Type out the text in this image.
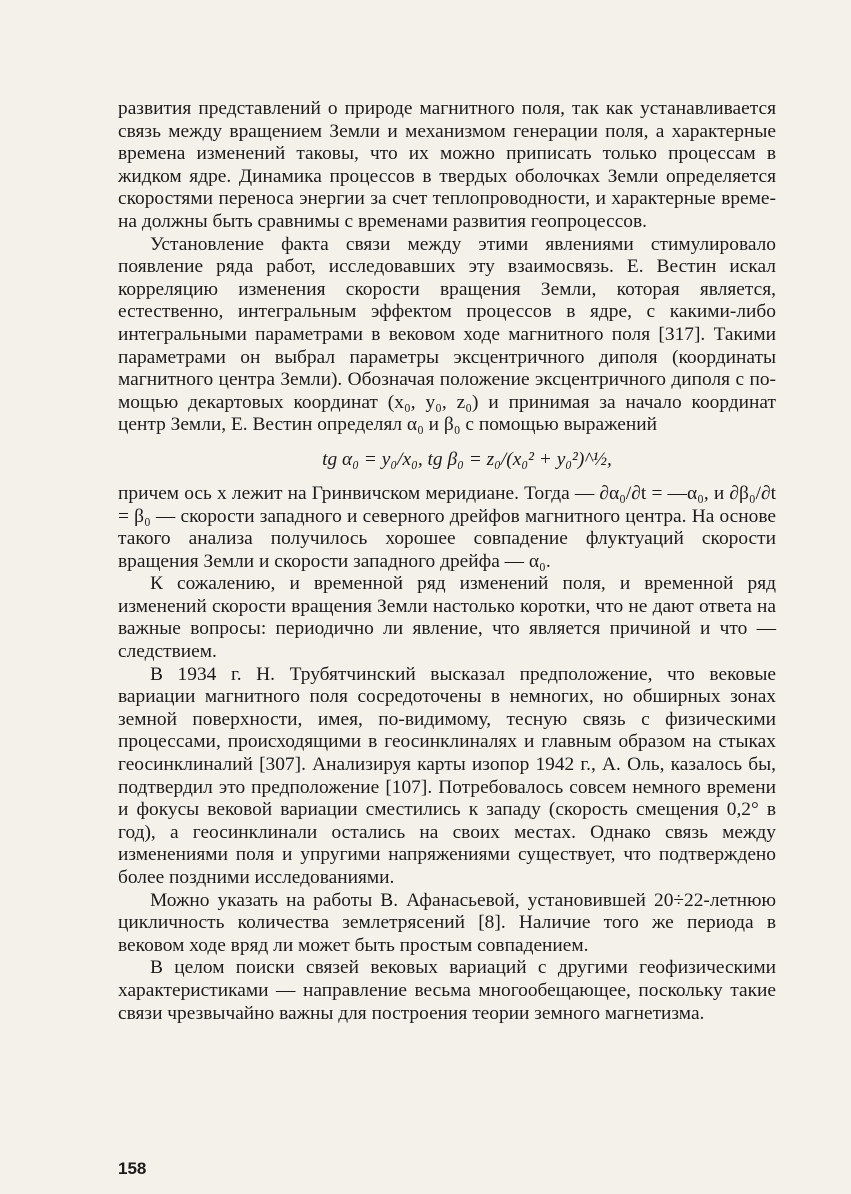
развития представлений о природе магнитного поля, так как устанавливается связь между вращением Земли и механизмом генерации поля, а характерные времена изменений таковы, что их можно приписать только процессам в жидком ядре. Динамика процессов в твердых оболочках Земли определяется скоростями переноса энергии за счет теплопроводности, и характерные времена должны быть сравнимы с временами развития геопроцессов.

Установление факта связи между этими явлениями стимулировало появление ряда работ, исследовавших эту взаимосвязь. Е. Вестин искал корреляцию изменения скорости вращения Земли, которая является, естественно, интегральным эффектом процессов в ядре, с какими-либо интегральными параметрами в вековом ходе магнитного поля [317]. Такими параметрами он выбрал параметры эксцентричного диполя (координаты магнитного центра Земли). Обозначая положение эксцентричного диполя с помощью декартовых координат (x₀, y₀, z₀) и принимая за начало координат центр Земли, Е. Вестин определял α₀ и β₀ с помощью выражений

tg α₀ = y₀/x₀, tg β₀ = z₀/(x₀² + y₀²)^½,

причем ось x лежит на Гринвичском меридиане. Тогда — ∂α₀/∂t = —α₀, и ∂β₀/∂t = β₀ — скорости западного и северного дрейфов магнитного центра. На основе такого анализа получилось хорошее совпадение флуктуаций скорости вращения Земли и скорости западного дрейфа — α₀.

К сожалению, и временной ряд изменений поля, и временной ряд изменений скорости вращения Земли настолько коротки, что не дают ответа на важные вопросы: периодично ли явление, что является причиной и что — следствием.

В 1934 г. Н. Трубятчинский высказал предположение, что вековые вариации магнитного поля сосредоточены в немногих, но обширных зонах земной поверхности, имея, по-видимому, тесную связь с физическими процессами, происходящими в геосинклиналях и главным образом на стыках геосинклиналий [307]. Анализируя карты изопор 1942 г., А. Оль, казалось бы, подтвердил это предположение [107]. Потребовалось совсем немного времени и фокусы вековой вариации сместились к западу (скорость смещения 0,2° в год), а геосинклинали остались на своих местах. Однако связь между изменениями поля и упругими напряжениями существует, что подтверждено более поздними исследованиями.

Можно указать на работы В. Афанасьевой, установившей 20÷22-летнюю цикличность количества землетрясений [8]. Наличие того же периода в вековом ходе вряд ли может быть простым совпадением.

В целом поиски связей вековых вариаций с другими геофизическими характеристиками — направление весьма многообещающее, поскольку такие связи чрезвычайно важны для построения теории земного магнетизма.

158
